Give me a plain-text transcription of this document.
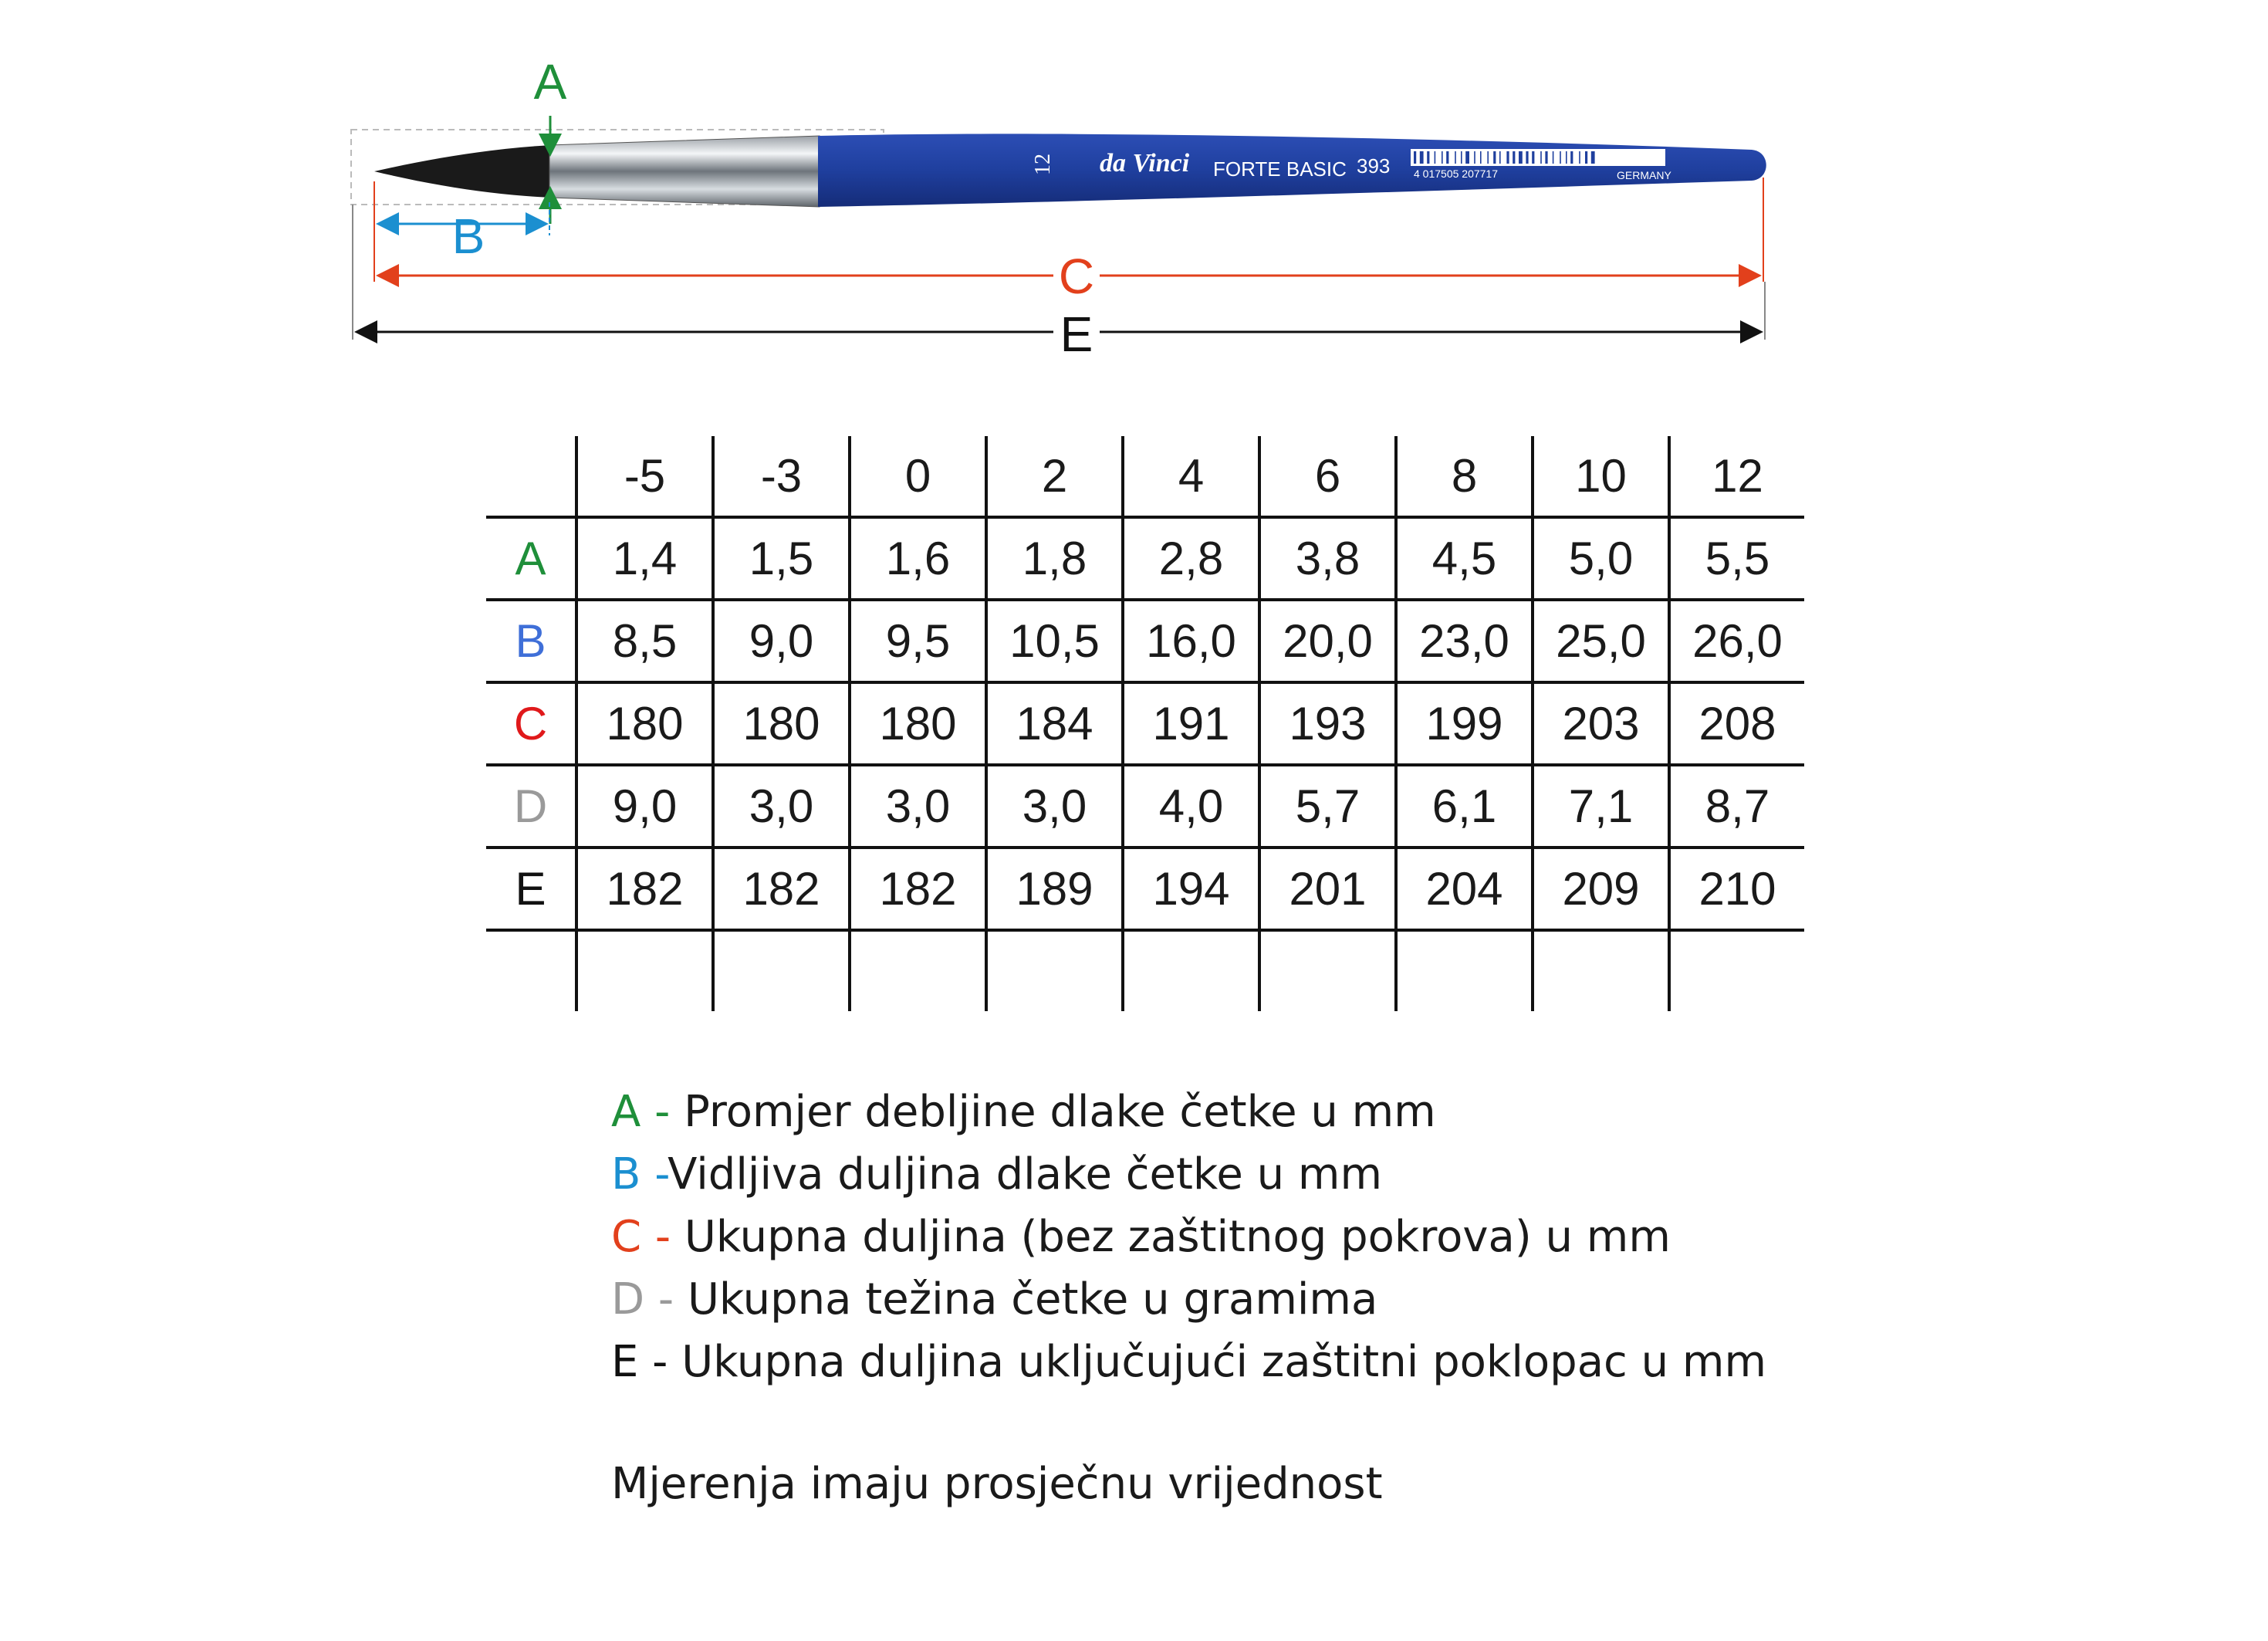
12 da Vinci FORTE BASIC 393 4 017505 207717	GERMANY
A
B
C
E
	-5	-3	0	2	4	6	8	10	12
A	1,4	1,5	1,6	1,8	2,8	3,8	4,5	5,0	5,5
B	8,5	9,0	9,5	10,5	16,0	20,0	23,0	25,0	26,0
C	180	180	180	184	191	193	199	203	208
D	9,0	3,0	3,0	3,0	4,0	5,7	6,1	7,1	8,7
E	182	182	182	189	194	201	204	209	210

A - Promjer debljine dlake četke u mm
B -Vidljiva duljina dlake četke u mm
C - Ukupna duljina (bez zaštitnog pokrova) u mm
D - Ukupna težina četke u gramima
E - Ukupna duljina uključujući zaštitni poklopac u mm
Mjerenja imaju prosječnu vrijednost
